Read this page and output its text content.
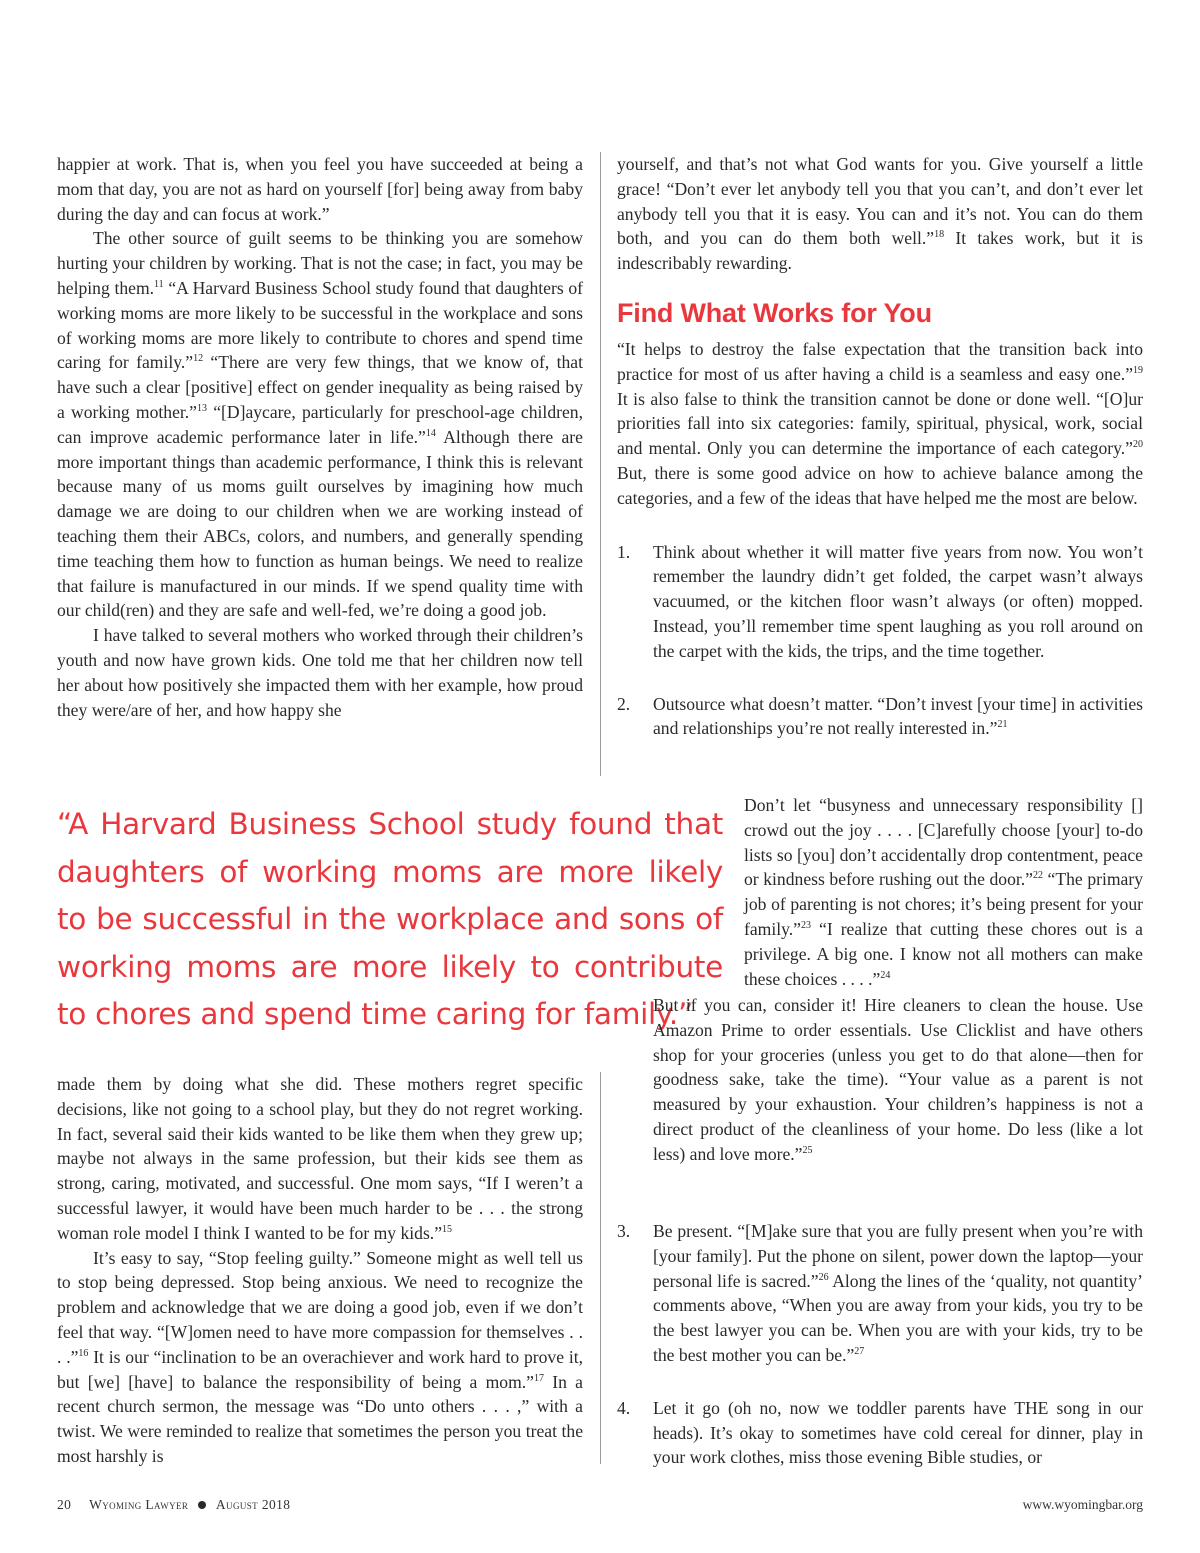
happier at work. That is, when you feel you have succeeded at being a mom that day, you are not as hard on yourself [for] being away from baby during the day and can focus at work.”

The other source of guilt seems to be thinking you are somehow hurting your children by working. That is not the case; in fact, you may be helping them.$^{11}$ “A Harvard Business School study found that daughters of working moms are more likely to be successful in the workplace and sons of working moms are more likely to contribute to chores and spend time caring for family.”$^{12}$ “There are very few things, that we know of, that have such a clear [positive] effect on gender inequality as being raised by a working mother.”$^{13}$ “[D]aycare, particularly for preschool-age children, can improve academic performance later in life.”$^{14}$ Although there are more important things than academic performance, I think this is relevant because many of us moms guilt ourselves by imagining how much damage we are doing to our children when we are working instead of teaching them their ABCs, colors, and numbers, and generally spending time teaching them how to function as human beings. We need to realize that failure is manufactured in our minds. If we spend quality time with our child(ren) and they are safe and well-fed, we’re doing a good job.

I have talked to several mothers who worked through their children’s youth and now have grown kids. One told me that her children now tell her about how positively she impacted them with her example, how proud they were/are of her, and how happy she

yourself, and that’s not what God wants for you. Give yourself a little grace! “Don’t ever let anybody tell you that you can’t, and don’t ever let anybody tell you that it is easy. You can and it’s not. You can do them both, and you can do them both well.”$^{18}$ It takes work, but it is indescribably rewarding.

Find What Works for You

“It helps to destroy the false expectation that the transition back into practice for most of us after having a child is a seamless and easy one.”$^{19}$ It is also false to think the transition cannot be done or done well. “[O]ur priorities fall into six categories: family, spiritual, physical, work, social and mental. Only you can determine the importance of each category.”$^{20}$ But, there is some good advice on how to achieve balance among the categories, and a few of the ideas that have helped me the most are below.

1. Think about whether it will matter five years from now. You won’t remember the laundry didn’t get folded, the carpet wasn’t always vacuumed, or the kitchen floor wasn’t always (or often) mopped. Instead, you’ll remember time spent laughing as you roll around on the carpet with the kids, the trips, and the time together.
2. Outsource what doesn’t matter. “Don’t invest [your time] in activities and relationships you’re not really interested in.”$^{21}$

“A Harvard Business School study found that daughters of working moms are more likely to be successful in the workplace and sons of working moms are more likely to contribute to chores and spend time caring for family.”

Don’t let “busyness and unnecessary responsibility [] crowd out the joy . . . . [C]arefully choose [your] to-do lists so [you] don’t accidentally drop contentment, peace or kindness before rushing out the door.”$^{22}$ “The primary job of parenting is not chores; it’s being present for your family.”$^{23}$ “I realize that cutting these chores out is a privilege. A big one. I know not all mothers can make these choices . . . .”$^{24}$

But if you can, consider it! Hire cleaners to clean the house. Use Amazon Prime to order essentials. Use Clicklist and have others shop for your groceries (unless you get to do that alone—then for goodness sake, take the time). “Your value as a parent is not measured by your exhaustion. Your children’s happiness is not a direct product of the cleanliness of your home. Do less (like a lot less) and love more.”$^{25}$

3. Be present. “[M]ake sure that you are fully present when you’re with [your family]. Put the phone on silent, power down the laptop—your personal life is sacred.”$^{26}$ Along the lines of the ‘quality, not quantity’ comments above, “When you are away from your kids, you try to be the best lawyer you can be. When you are with your kids, try to be the best mother you can be.”$^{27}$
4. Let it go (oh no, now we toddler parents have THE song in our heads). It’s okay to sometimes have cold cereal for dinner, play in your work clothes, miss those evening Bible studies, or

made them by doing what she did. These mothers regret specific decisions, like not going to a school play, but they do not regret working. In fact, several said their kids wanted to be like them when they grew up; maybe not always in the same profession, but their kids see them as strong, caring, motivated, and successful. One mom says, “If I weren’t a successful lawyer, it would have been much harder to be . . . the strong woman role model I think I wanted to be for my kids.”$^{15}$

It’s easy to say, “Stop feeling guilty.” Someone might as well tell us to stop being depressed. Stop being anxious. We need to recognize the problem and acknowledge that we are doing a good job, even if we don’t feel that way. “[W]omen need to have more compassion for themselves . . . .”$^{16}$ It is our “inclination to be an overachiever and work hard to prove it, but [we] [have] to balance the responsibility of being a mom.”$^{17}$ In a recent church sermon, the message was “Do unto others . . . ,” with a twist. We were reminded to realize that sometimes the person you treat the most harshly is

20 Wyoming Lawyer August 2018	www.wyomingbar.org
